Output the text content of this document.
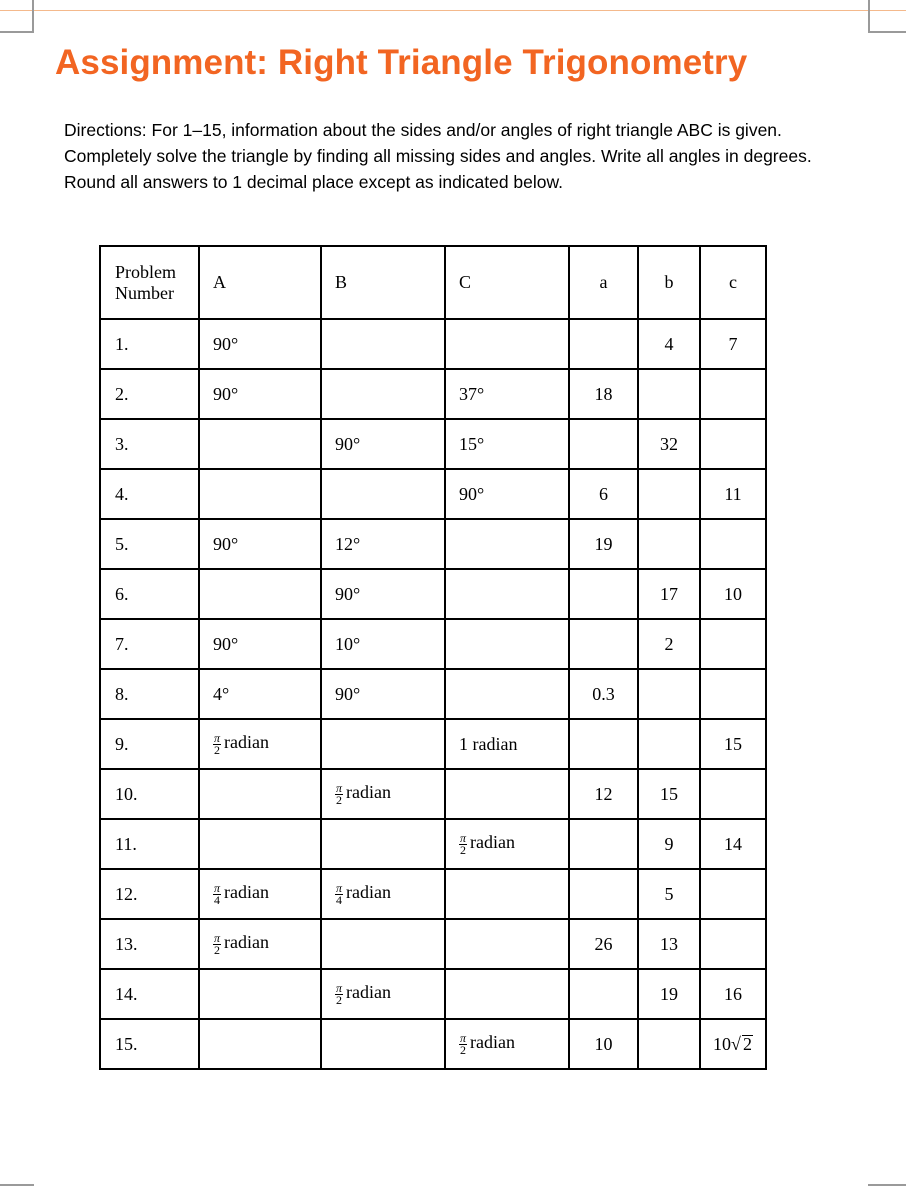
Assignment: Right Triangle Trigonometry

Directions: For 1–15, information about the sides and/or angles of right triangle ABC is given. Completely solve the triangle by finding all missing sides and angles. Write all angles in degrees. Round all answers to 1 decimal place except as indicated below.

Problem
Number	A	B	C	a	b	c
1.	90°				4	7
2.	90°		37°	18		
3.		90°	15°		32	
4.			90°	6		11
5.	90°	12°		19		
6.		90°			17	10
7.	90°	10°			2	
8.	4°	90°		0.3		
9.	$\frac{\pi}{2}$ radian		1 radian			15
10.		$\frac{\pi}{2}$ radian		12	15	
11.			$\frac{\pi}{2}$ radian		9	14
12.	$\frac{\pi}{4}$ radian	$\frac{\pi}{4}$ radian			5	
13.	$\frac{\pi}{2}$ radian			26	13	
14.		$\frac{\pi}{2}$ radian			19	16
15.			$\frac{\pi}{2}$ radian	10		10√ 2
